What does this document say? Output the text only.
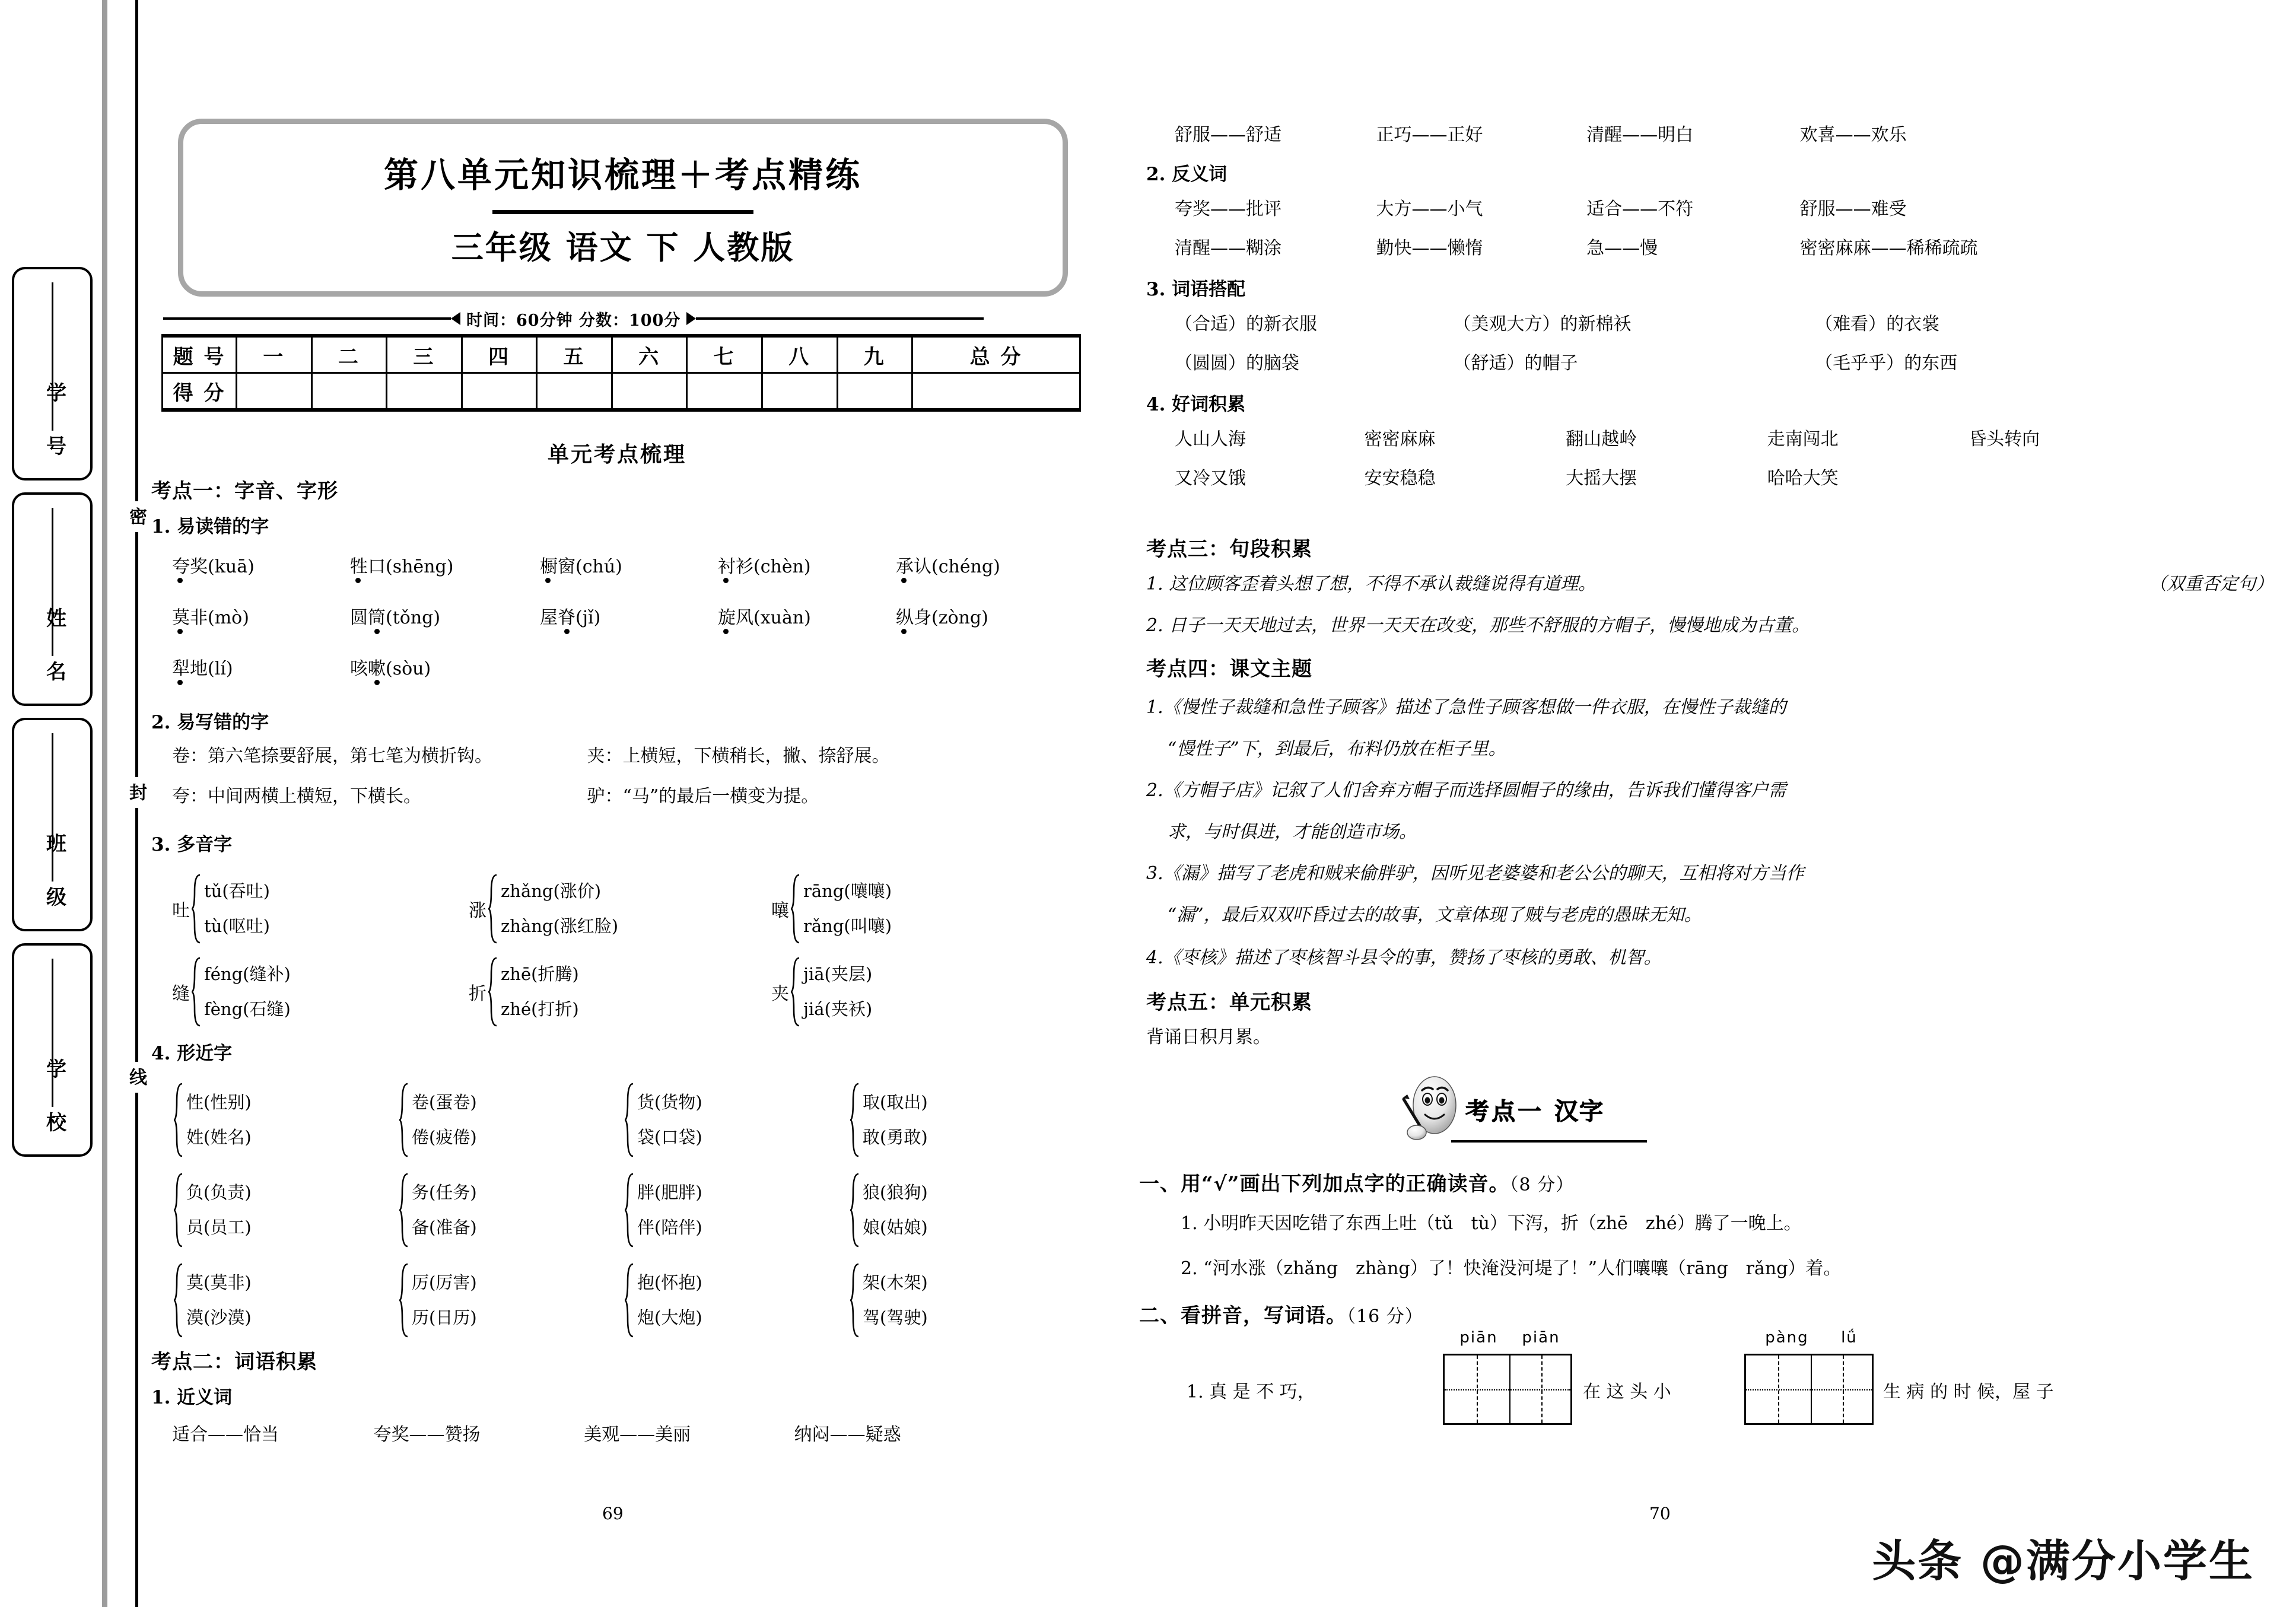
密
封
线
学 号
姓 名
班 级
学 校
第八单元知识梳理＋考点精练
三年级 语文 下 人教版
时间：60分钟 分数：100分
题 号	一	二	三	四	五	六	七	八	九	总 分
得 分										
单元考点梳理
考点一：字音、字形
1. 易读错的字
夸奖(kuā)	牲口(shēng)	橱窗(chú)	衬衫(chèn)	承认(chéng)
莫非(mò)	圆筒(tǒng)	屋脊(jǐ)	旋风(xuàn)	纵身(zòng)
犁地(lí)	咳嗽(sòu)
2. 易写错的字
卷：第六笔捺要舒展，第七笔为横折钩。	夹：上横短，下横稍长，撇、捺舒展。
夸：中间两横上横短，下横长。	驴：“马”的最后一横变为提。
3. 多音字
吐
tǔ(吞吐)
tù(呕吐)
涨
zhǎng(涨价)
zhàng(涨红脸)
嚷
rāng(嚷嚷)
rǎng(叫嚷)
缝
féng(缝补)
fèng(石缝)
折
zhē(折腾)
zhé(打折)
夹
jiā(夹层)
jiá(夹袄)
4. 形近字
性(性别)
姓(姓名)
卷(蛋卷)
倦(疲倦)
货(货物)
袋(口袋)
取(取出)
敢(勇敢)
负(负责)
员(员工)
务(任务)
备(准备)
胖(肥胖)
伴(陪伴)
狼(狼狗)
娘(姑娘)
莫(莫非)
漠(沙漠)
厉(厉害)
历(日历)
抱(怀抱)
炮(大炮)
架(木架)
驾(驾驶)
考点二：词语积累
1. 近义词
适合——恰当	夸奖——赞扬	美观——美丽	纳闷——疑惑
69
舒服——舒适	正巧——正好	清醒——明白	欢喜——欢乐
2. 反义词
夸奖——批评	大方——小气	适合——不符	舒服——难受
清醒——糊涂	勤快——懒惰	急——慢	密密麻麻——稀稀疏疏
3. 词语搭配
（合适）的新衣服	（美观大方）的新棉袄	（难看）的衣裳
（圆圆）的脑袋	（舒适）的帽子	（毛乎乎）的东西
4. 好词积累
人山人海	密密麻麻	翻山越岭	走南闯北	昏头转向
又冷又饿	安安稳稳	大摇大摆	哈哈大笑
考点三：句段积累
1. 这位顾客歪着头想了想，不得不承认裁缝说得有道理。	（双重否定句）
2. 日子一天天地过去，世界一天天在改变，那些不舒服的方帽子，慢慢地成为古董。
考点四：课文主题
1.《慢性子裁缝和急性子顾客》描述了急性子顾客想做一件衣服，在慢性子裁缝的
“慢性子”下，到最后，布料仍放在柜子里。
2.《方帽子店》记叙了人们舍弃方帽子而选择圆帽子的缘由，告诉我们懂得客户需
求，与时俱进，才能创造市场。
3.《漏》描写了老虎和贼来偷胖驴，因听见老婆婆和老公公的聊天，互相将对方当作
“漏”，最后双双吓昏过去的故事，文章体现了贼与老虎的愚昧无知。
4.《枣核》描述了枣核智斗县令的事，赞扬了枣核的勇敢、机智。
考点五：单元积累
背诵日积月累。
考点一 汉字
一、用“√”画出下列加点字的正确读音。（8 分）
1. 小明昨天因吃错了东西上吐（tǔ　tù）下泻，折（zhē　zhé）腾了一晚上。
2. “河水涨（zhǎng　zhàng）了！快淹没河堤了！”人们嚷嚷（rāng　rǎng）着。
二、看拼音，写词语。（16 分）
piān piān	pàng lǘ
1. 真 是 不 巧，	在 这 头 小	生 病 的 时 候，屋 子
70
头条 @满分小学生
